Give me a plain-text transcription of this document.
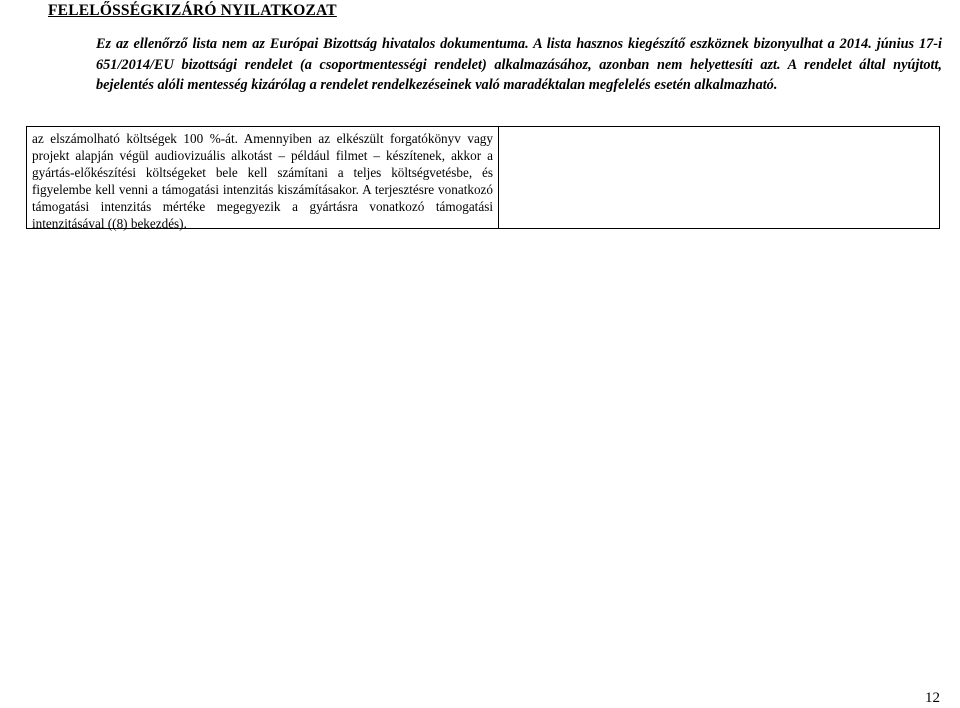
FELELŐSSÉGKIZÁRÓ NYILATKOZAT

Ez az ellenőrző lista nem az Európai Bizottság hivatalos dokumentuma. A lista hasznos kiegészítő eszköznek bizonyulhat a 2014. június 17-i 651/2014/EU bizottsági rendelet (a csoportmentességi rendelet) alkalmazásához, azonban nem helyettesíti azt. A rendelet által nyújtott, bejelentés alóli mentesség kizárólag a rendelet rendelkezéseinek való maradéktalan megfelelés esetén alkalmazható.

az elszámolható költségek 100 %-át. Amennyiben az elkészült forgatókönyv vagy projekt alapján végül audiovizuális alkotást – például filmet – készítenek, akkor a gyártás-előkészítési költségeket bele kell számítani a teljes költségvetésbe, és figyelembe kell venni a támogatási intenzitás kiszámításakor. A terjesztésre vonatkozó támogatási intenzitás mértéke megegyezik a gyártásra vonatkozó támogatási intenzitásával ((8) bekezdés).

12
